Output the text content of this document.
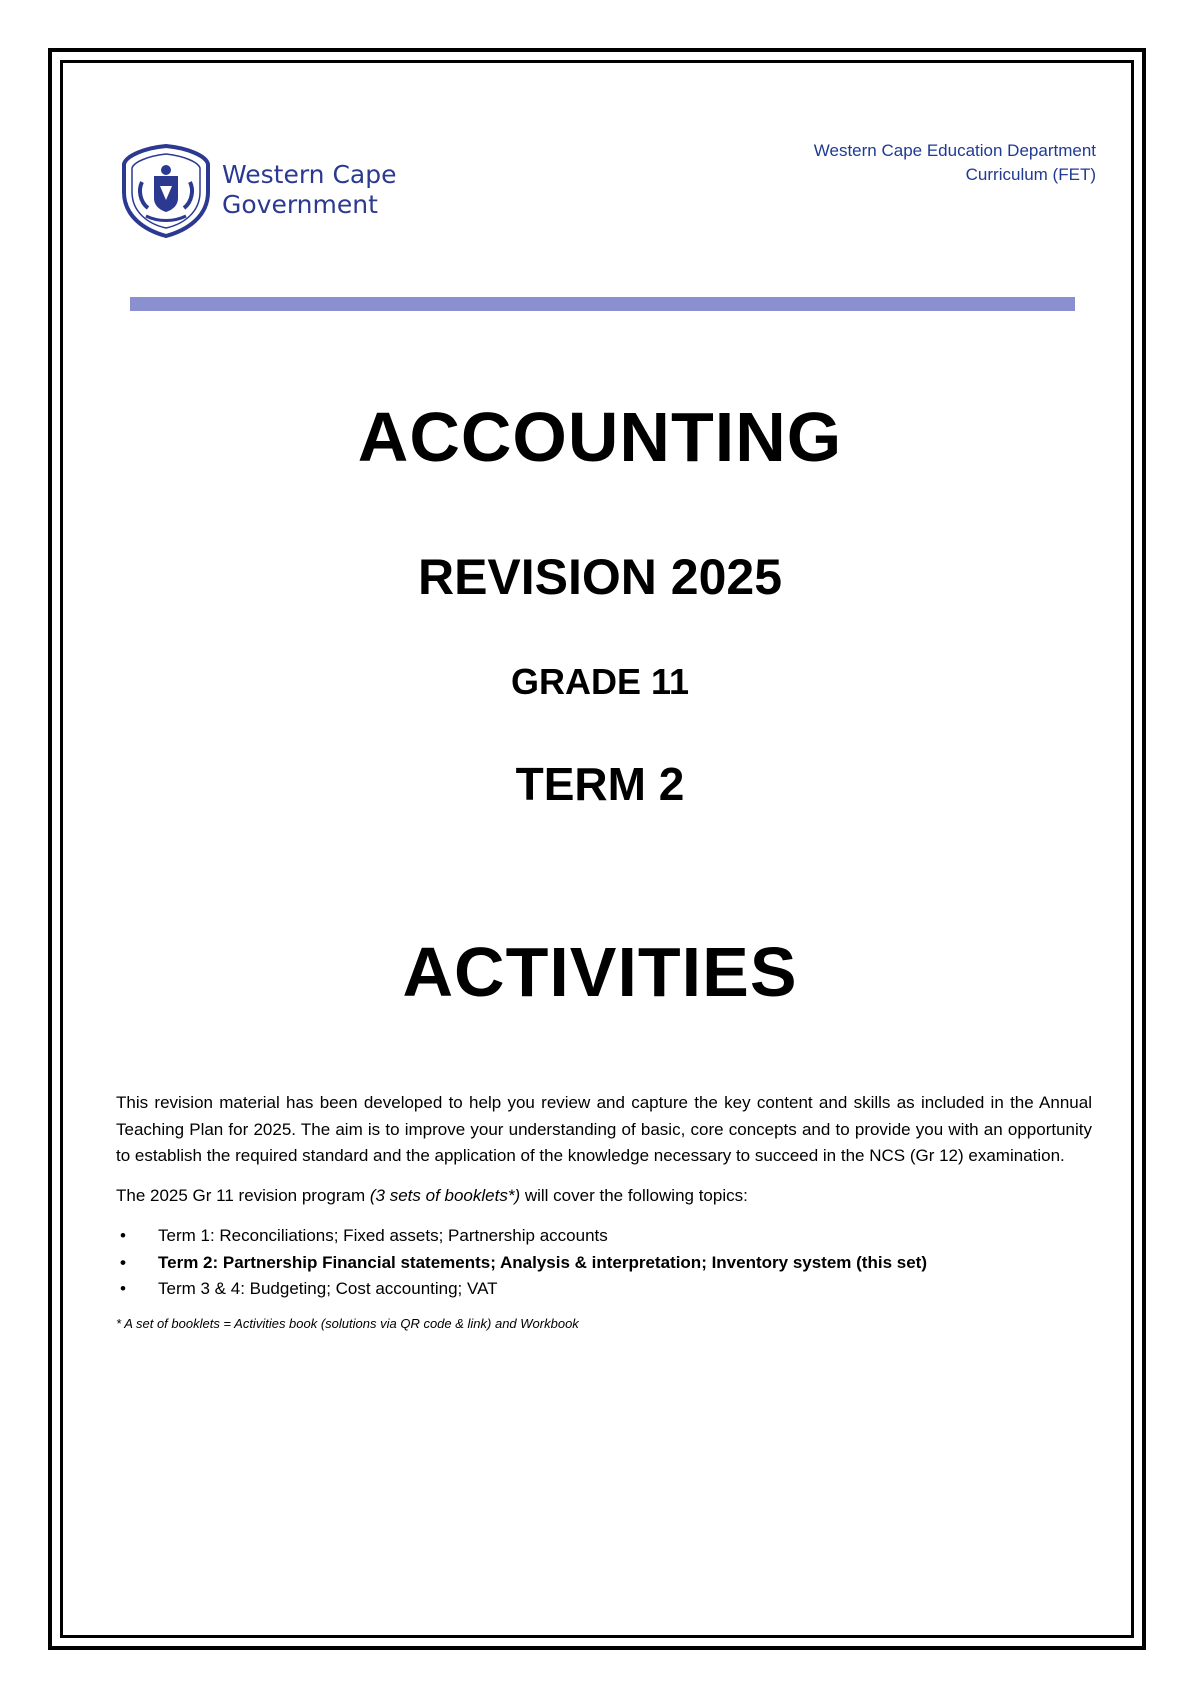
Western Cape
Government
Western Cape Education Department
Curriculum (FET)
ACCOUNTING
REVISION 2025
GRADE 11
TERM 2
ACTIVITIES

This revision material has been developed to help you review and capture the key content and skills as included in the Annual Teaching Plan for 2025. The aim is to improve your understanding of basic, core concepts and to provide you with an opportunity to establish the required standard and the application of the knowledge necessary to succeed in the NCS (Gr 12) examination.

The 2025 Gr 11 revision program (3 sets of booklets*) will cover the following topics:

• Term 1: Reconciliations; Fixed assets; Partnership accounts
• Term 2: Partnership Financial statements; Analysis & interpretation; Inventory system (this set)
• Term 3 & 4: Budgeting; Cost accounting; VAT
* A set of booklets = Activities book (solutions via QR code & link) and Workbook
